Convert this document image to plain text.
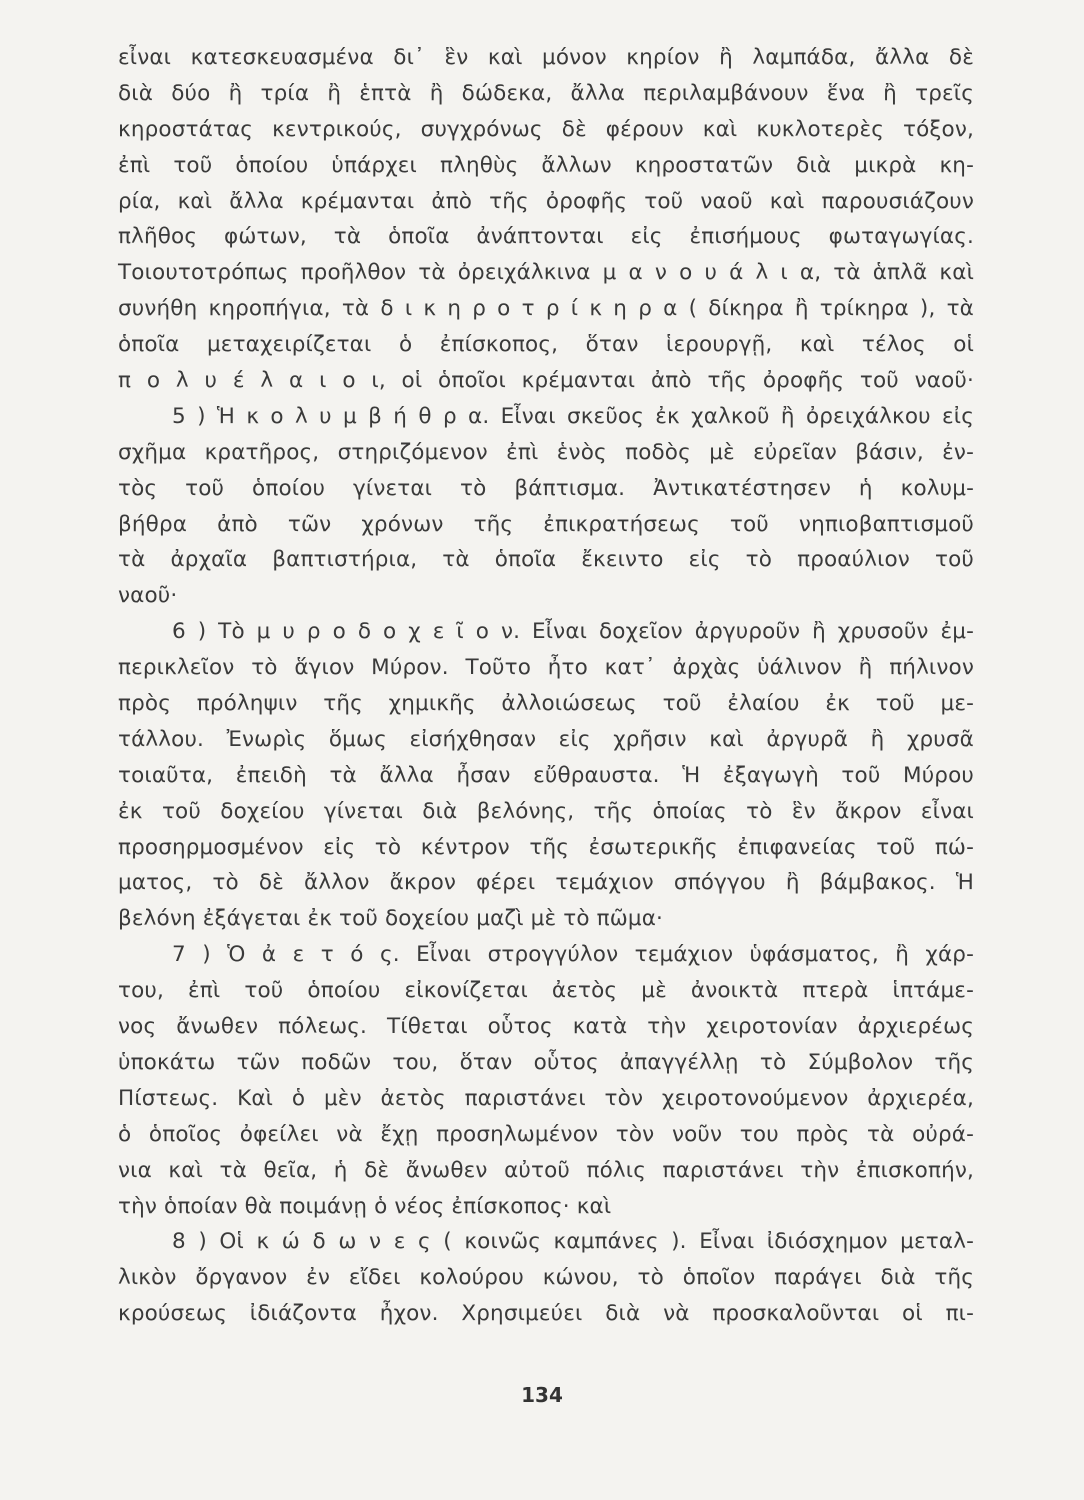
εἶναι κατεσκευασμένα δι᾽ ἓν καὶ μόνον κηρίον ἢ λαμπάδα, ἄλλα δὲ
διὰ δύο ἢ τρία ἢ ἑπτὰ ἢ δώδεκα, ἄλλα περιλαμβάνουν ἕνα ἢ τρεῖς
κηροστάτας κεντρικούς, συγχρόνως δὲ φέρουν καὶ κυκλοτερὲς τόξον,
ἐπὶ τοῦ ὁποίου ὑπάρχει πληθὺς ἄλλων κηροστατῶν διὰ μικρὰ κη-
ρία, καὶ ἄλλα κρέμανται ἀπὸ τῆς ὀροφῆς τοῦ ναοῦ καὶ παρουσιάζουν
πλῆθος φώτων, τὰ ὁποῖα ἀνάπτονται εἰς ἐπισήμους φωταγωγίας.
Τοιουτοτρόπως προῆλθον τὰ ὀρειχάλκινα μ α ν ο υ ά λ ι α, τὰ ἁπλᾶ καὶ
συνήθη κηροπήγια, τὰ δ ι κ η ρ ο τ ρ ί κ η ρ α ( δίκηρα ἢ τρίκηρα ), τὰ
ὁποῖα μεταχειρίζεται ὁ ἐπίσκοπος, ὅταν ἱερουργῇ, καὶ τέλος οἱ
π ο λ υ έ λ α ι ο ι, οἱ ὁποῖοι κρέμανται ἀπὸ τῆς ὀροφῆς τοῦ ναοῦ·
5 ) Ἡ κ ο λ υ μ β ή θ ρ α. Εἶναι σκεῦος ἐκ χαλκοῦ ἢ ὀρειχάλκου εἰς
σχῆμα κρατῆρος, στηριζόμενον ἐπὶ ἑνὸς ποδὸς μὲ εὐρεῖαν βάσιν, ἐν-
τὸς τοῦ ὁποίου γίνεται τὸ βάπτισμα. Ἀντικατέστησεν ἡ κολυμ-
βήθρα ἀπὸ τῶν χρόνων τῆς ἐπικρατήσεως τοῦ νηπιοβαπτισμοῦ
τὰ ἀρχαῖα βαπτιστήρια, τὰ ὁποῖα ἔκειντο εἰς τὸ προαύλιον τοῦ
ναοῦ·
6 ) Τὸ μ υ ρ ο δ ο χ ε ῖ ο ν. Εἶναι δοχεῖον ἀργυροῦν ἢ χρυσοῦν ἐμ-
περικλεῖον τὸ ἅγιον Μύρον. Τοῦτο ἦτο κατ᾽ ἀρχὰς ὑάλινον ἢ πήλινον
πρὸς πρόληψιν τῆς χημικῆς ἀλλοιώσεως τοῦ ἐλαίου ἐκ τοῦ με-
τάλλου. Ἐνωρὶς ὅμως εἰσήχθησαν εἰς χρῆσιν καὶ ἀργυρᾶ ἢ χρυσᾶ
τοιαῦτα, ἐπειδὴ τὰ ἄλλα ἦσαν εὔθραυστα. Ἡ ἐξαγωγὴ τοῦ Μύρου
ἐκ τοῦ δοχείου γίνεται διὰ βελόνης, τῆς ὁποίας τὸ ἓν ἄκρον εἶναι
προσηρμοσμένον εἰς τὸ κέντρον τῆς ἐσωτερικῆς ἐπιφανείας τοῦ πώ-
ματος, τὸ δὲ ἄλλον ἄκρον φέρει τεμάχιον σπόγγου ἢ βάμβακος. Ἡ
βελόνη ἐξάγεται ἐκ τοῦ δοχείου μαζὶ μὲ τὸ πῶμα·
7 ) Ὁ ἀ ε τ ό ς. Εἶναι στρογγύλον τεμάχιον ὑφάσματος, ἢ χάρ-
του, ἐπὶ τοῦ ὁποίου εἰκονίζεται ἀετὸς μὲ ἀνοικτὰ πτερὰ ἱπτάμε-
νος ἄνωθεν πόλεως. Τίθεται οὗτος κατὰ τὴν χειροτονίαν ἀρχιερέως
ὑποκάτω τῶν ποδῶν του, ὅταν οὗτος ἀπαγγέλλῃ τὸ Σύμβολον τῆς
Πίστεως. Καὶ ὁ μὲν ἀετὸς παριστάνει τὸν χειροτονούμενον ἀρχιερέα,
ὁ ὁποῖος ὀφείλει νὰ ἔχῃ προσηλωμένον τὸν νοῦν του πρὸς τὰ οὐρά-
νια καὶ τὰ θεῖα, ἡ δὲ ἄνωθεν αὐτοῦ πόλις παριστάνει τὴν ἐπισκοπήν,
τὴν ὁποίαν θὰ ποιμάνῃ ὁ νέος ἐπίσκοπος· καὶ
8 ) Οἱ κ ώ δ ω ν ε ς ( κοινῶς καμπάνες ). Εἶναι ἰδιόσχημον μεταλ-
λικὸν ὄργανον ἐν εἴδει κολούρου κώνου, τὸ ὁποῖον παράγει διὰ τῆς
κρούσεως ἰδιάζοντα ἦχον. Χρησιμεύει διὰ νὰ προσκαλοῦνται οἱ πι-
134
